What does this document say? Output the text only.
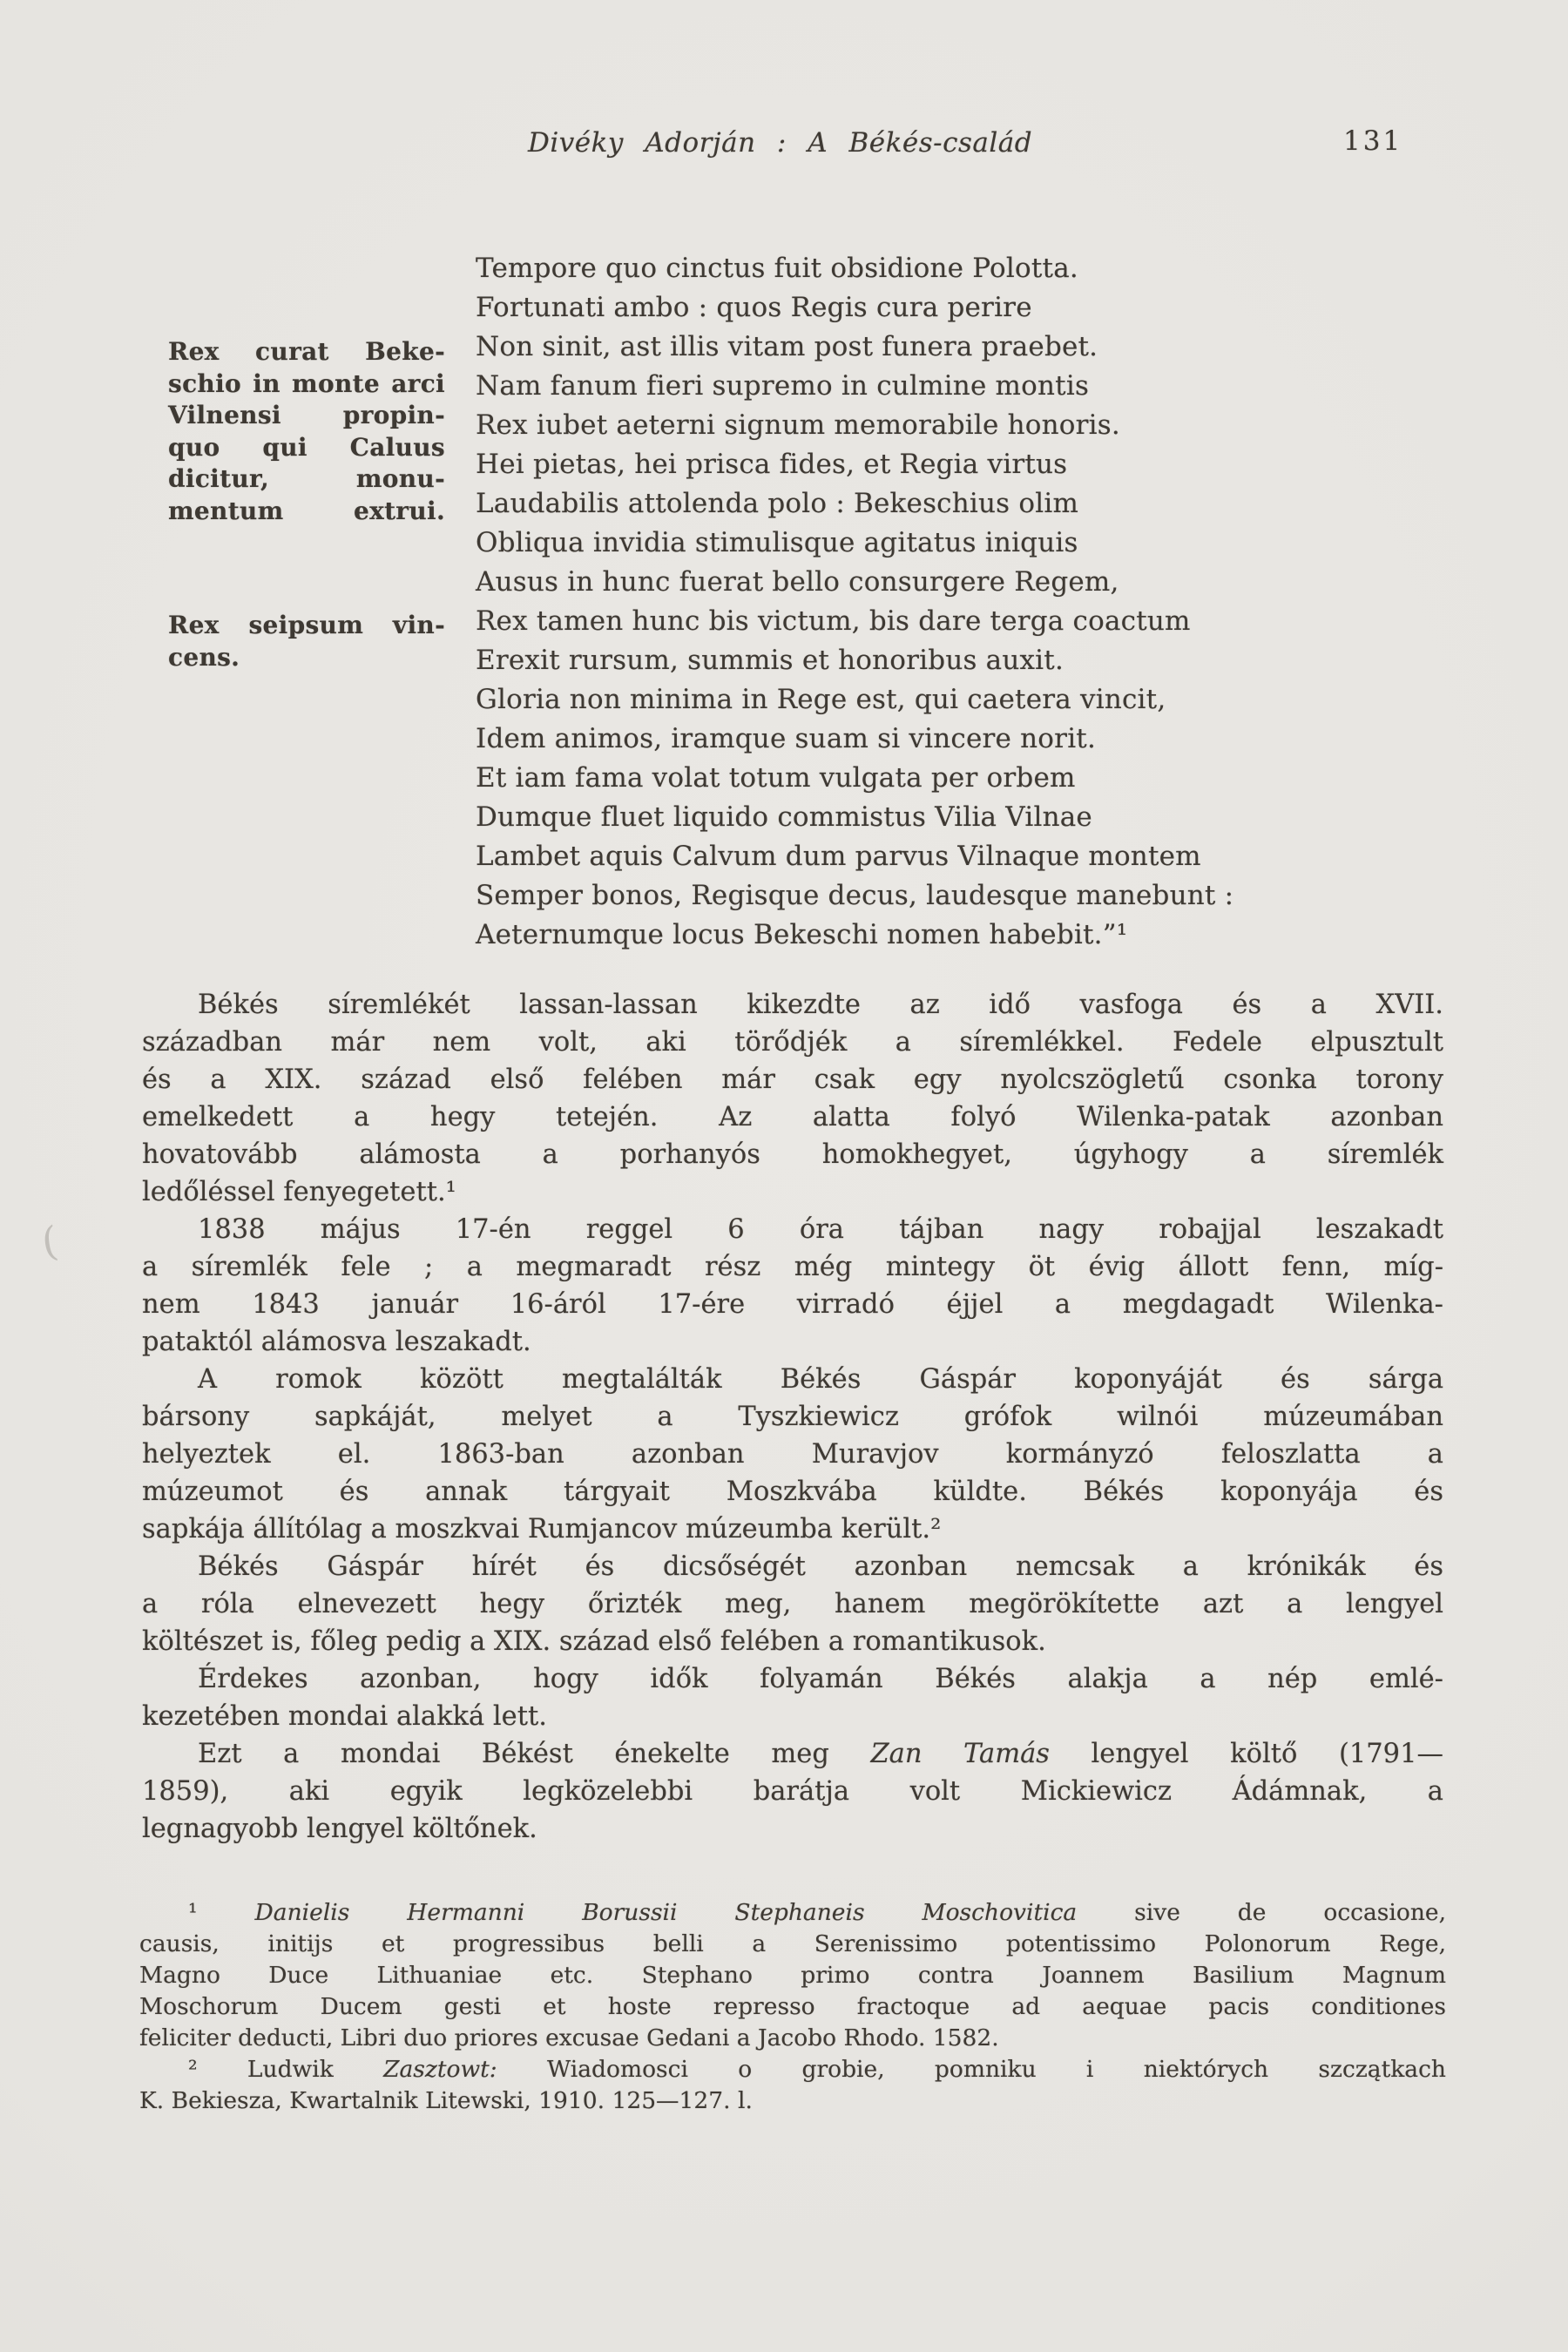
Divéky Adorján : A Békés-család	131
Rex curat Beke-
schio in monte arci
Vilnensi propin-
quo qui Caluus
dicitur, monu-
mentum extrui.
Rex seipsum vin-
cens.
Tempore quo cinctus fuit obsidione Polotta.
Fortunati ambo : quos Regis cura perire
Non sinit, ast illis vitam post funera praebet.
Nam fanum fieri supremo in culmine montis
Rex iubet aeterni signum memorabile honoris.
Hei pietas, hei prisca fides, et Regia virtus
Laudabilis attolenda polo : Bekeschius olim
Obliqua invidia stimulisque agitatus iniquis
Ausus in hunc fuerat bello consurgere Regem,
Rex tamen hunc bis victum, bis dare terga coactum
Erexit rursum, summis et honoribus auxit.
Gloria non minima in Rege est, qui caetera vincit,
Idem animos, iramque suam si vincere norit.
Et iam fama volat totum vulgata per orbem
Dumque fluet liquido commistus Vilia Vilnae
Lambet aquis Calvum dum parvus Vilnaque montem
Semper bonos, Regisque decus, laudesque manebunt :
Aeternumque locus Bekeschi nomen habebit.”¹
Békés síremlékét lassan-lassan kikezdte az idő vasfoga és a XVII.
században már nem volt, aki törődjék a síremlékkel. Fedele elpusztult
és a XIX. század első felében már csak egy nyolcszögletű csonka torony
emelkedett a hegy tetején. Az alatta folyó Wilenka-patak azonban
hovatovább alámosta a porhanyós homokhegyet, úgyhogy a síremlék
ledőléssel fenyegetett.¹
1838 május 17-én reggel 6 óra tájban nagy robajjal leszakadt
a síremlék fele ; a megmaradt rész még mintegy öt évig állott fenn, míg-
nem 1843 január 16-áról 17-ére virradó éjjel a megdagadt Wilenka-
pataktól alámosva leszakadt.
A romok között megtalálták Békés Gáspár koponyáját és sárga
bársony sapkáját, melyet a Tyszkiewicz grófok wilnói múzeumában
helyeztek el. 1863-ban azonban Muravjov kormányzó feloszlatta a
múzeumot és annak tárgyait Moszkvába küldte. Békés koponyája és
sapkája állítólag a moszkvai Rumjancov múzeumba került.²
Békés Gáspár hírét és dicsőségét azonban nemcsak a krónikák és
a róla elnevezett hegy őrizték meg, hanem megörökítette azt a lengyel
költészet is, főleg pedig a XIX. század első felében a romantikusok.
Érdekes azonban, hogy idők folyamán Békés alakja a nép emlé-
kezetében mondai alakká lett.
Ezt a mondai Békést énekelte meg Zan Tamás lengyel költő (1791—
1859), aki egyik legközelebbi barátja volt Mickiewicz Ádámnak, a
legnagyobb lengyel költőnek.
¹ Danielis Hermanni Borussii Stephaneis Moschovitica sive de occasione,
causis, initijs et progressibus belli a Serenissimo potentissimo Polonorum Rege,
Magno Duce Lithuaniae etc. Stephano primo contra Joannem Basilium Magnum
Moschorum Ducem gesti et hoste represso fractoque ad aequae pacis conditiones
feliciter deducti, Libri duo priores excusae Gedani a Jacobo Rhodo. 1582.
² Ludwik Zasztowt: Wiadomosci o grobie, pomniku i niektórych szczątkach
K. Bekiesza, Kwartalnik Litewski, 1910. 125—127. l.
(
